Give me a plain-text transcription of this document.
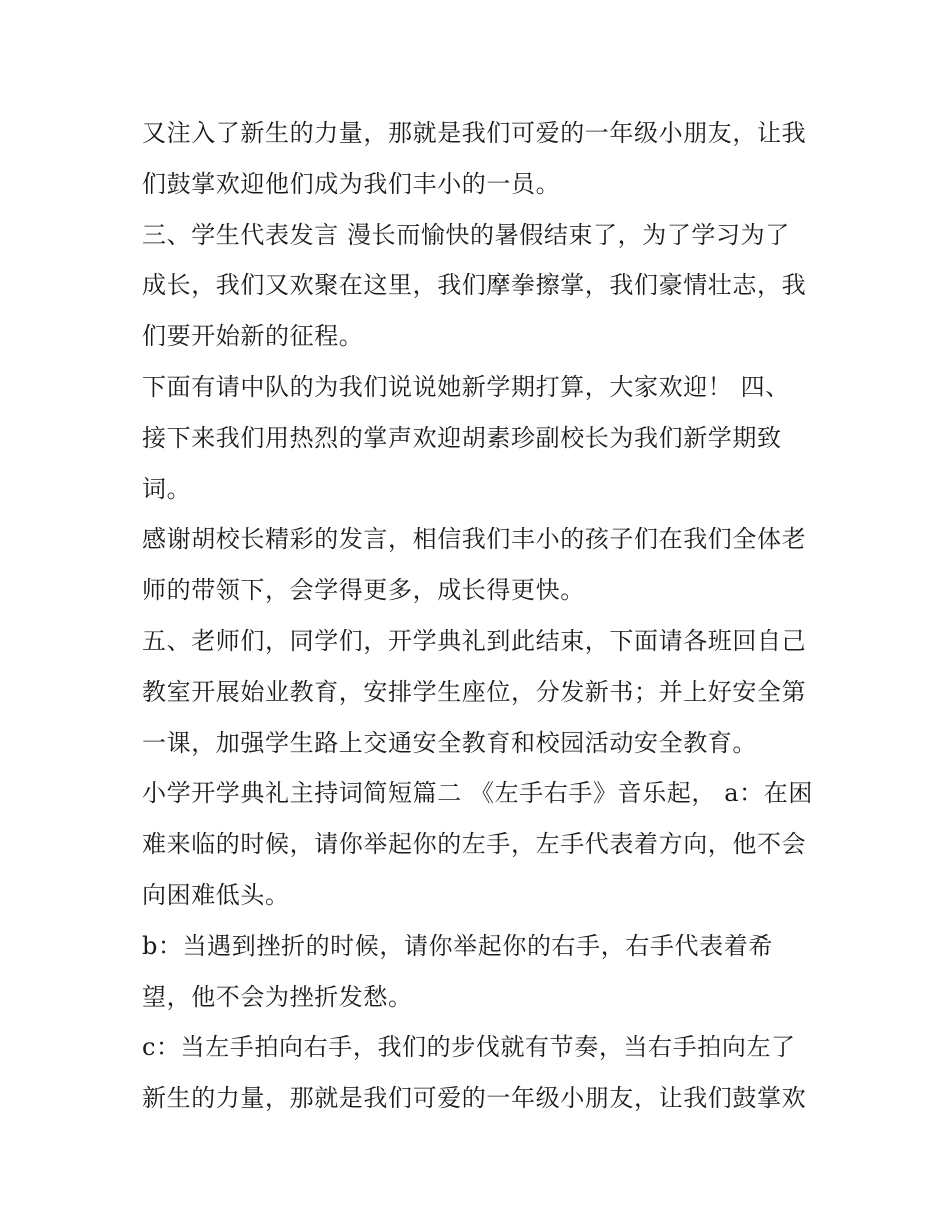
又注入了新生的力量，那就是我们可爱的一年级小朋友，让我
们鼓掌欢迎他们成为我们丰小的一员。
三、学生代表发言 漫长而愉快的暑假结束了，为了学习为了
成长，我们又欢聚在这里，我们摩拳擦掌，我们豪情壮志，我
们要开始新的征程。
下面有请中队的为我们说说她新学期打算，大家欢迎！ 四、
接下来我们用热烈的掌声欢迎胡素珍副校长为我们新学期致
词。
感谢胡校长精彩的发言，相信我们丰小的孩子们在我们全体老
师的带领下，会学得更多，成长得更快。
五、老师们，同学们，开学典礼到此结束，下面请各班回自己
教室开展始业教育，安排学生座位，分发新书；并上好安全第
一课，加强学生路上交通安全教育和校园活动安全教育。
小学开学典礼主持词简短篇二 《左手右手》音乐起， a：在困
难来临的时候，请你举起你的左手，左手代表着方向，他不会
向困难低头。
b：当遇到挫折的时候，请你举起你的右手，右手代表着希
望，他不会为挫折发愁。
c：当左手拍向右手，我们的步伐就有节奏，当右手拍向左了
新生的力量，那就是我们可爱的一年级小朋友，让我们鼓掌欢
